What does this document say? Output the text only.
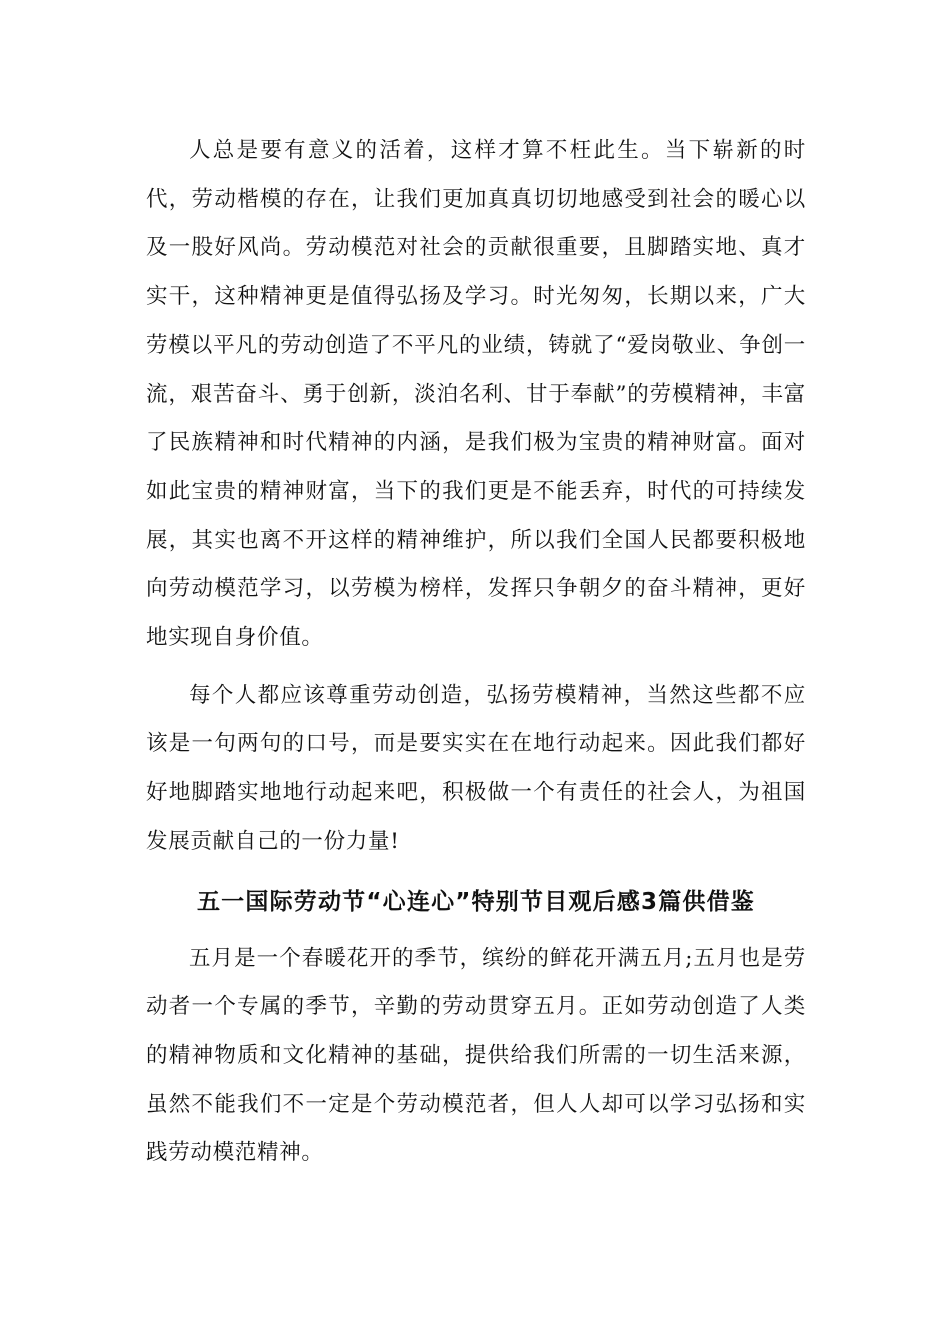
人总是要有意义的活着，这样才算不枉此生。当下崭新的时代，劳动楷模的存在，让我们更加真真切切地感受到社会的暖心以及一股好风尚。劳动模范对社会的贡献很重要，且脚踏实地、真才实干，这种精神更是值得弘扬及学习。时光匆匆，长期以来，广大劳模以平凡的劳动创造了不平凡的业绩，铸就了“爱岗敬业、争创一流，艰苦奋斗、勇于创新，淡泊名利、甘于奉献”的劳模精神，丰富了民族精神和时代精神的内涵，是我们极为宝贵的精神财富。面对如此宝贵的精神财富，当下的我们更是不能丢弃，时代的可持续发展，其实也离不开这样的精神维护，所以我们全国人民都要积极地向劳动模范学习，以劳模为榜样，发挥只争朝夕的奋斗精神，更好地实现自身价值。

每个人都应该尊重劳动创造，弘扬劳模精神，当然这些都不应该是一句两句的口号，而是要实实在在地行动起来。因此我们都好好地脚踏实地地行动起来吧，积极做一个有责任的社会人，为祖国发展贡献自己的一份力量!

五一国际劳动节“心连心”特别节目观后感3篇供借鉴

五月是一个春暖花开的季节，缤纷的鲜花开满五月;五月也是劳动者一个专属的季节，辛勤的劳动贯穿五月。正如劳动创造了人类的精神物质和文化精神的基础，提供给我们所需的一切生活来源，虽然不能我们不一定是个劳动模范者，但人人却可以学习弘扬和实践劳动模范精神。
